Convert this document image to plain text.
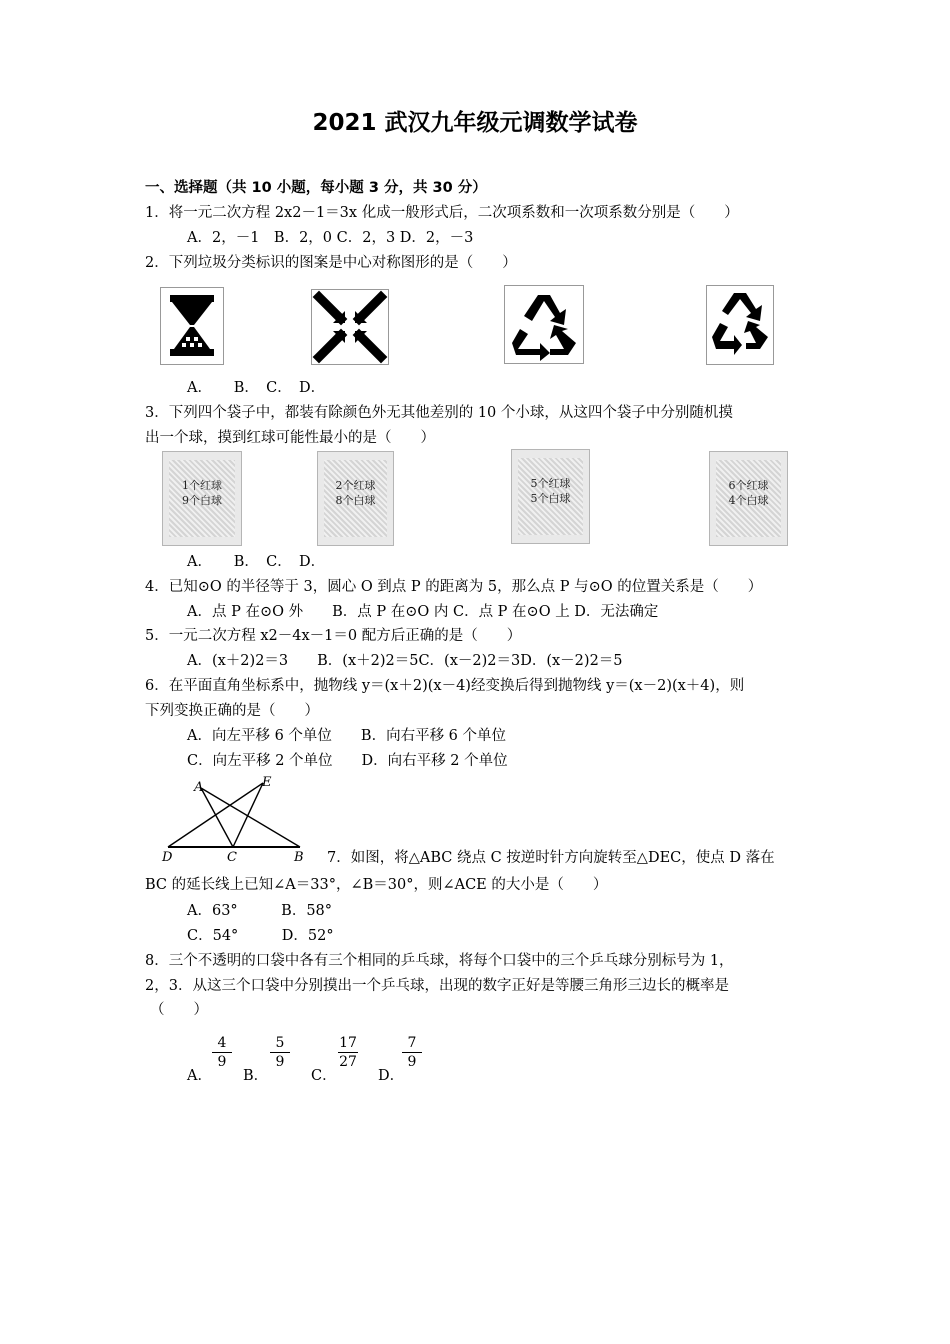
2021 武汉九年级元调数学试卷
一、选择题（共 10 小题，每小题 3 分，共 30 分）
1．将一元二次方程 2x2－1＝3x 化成一般形式后，二次项系数和一次项系数分别是（　　）
A．2，－1　B．2，0 C．2，3 D．2，－3
2．下列垃圾分类标识的图案是中心对称图形的是（　　）
A．　　B．　C．　D．
3．下列四个袋子中，都装有除颜色外无其他差别的 10 个小球，从这四个袋子中分别随机摸
出一个球，摸到红球可能性最小的是（　　）
1个红球
9个白球
2个红球
8个白球
5个红球
5个白球
6个红球
4个白球
A．　　B．　C．　D．
4．已知⊙O 的半径等于 3，圆心 O 到点 P 的距离为 5，那么点 P 与⊙O 的位置关系是（　　）
A．点 P 在⊙O 外　　B．点 P 在⊙O 内 C．点 P 在⊙O 上 D．无法确定
5．一元二次方程 x2－4x－1＝0 配方后正确的是（　　）
A．(x＋2)2＝3　　B．(x＋2)2＝5C．(x－2)2＝3D．(x－2)2＝5
6．在平面直角坐标系中，抛物线 y＝(x＋2)(x－4)经变换后得到抛物线 y＝(x－2)(x＋4)，则
下列变换正确的是（　　）
A．向左平移 6 个单位　　B．向右平移 6 个单位
C．向左平移 2 个单位　　D．向右平移 2 个单位
A	E
D	C	B 7．如图，将△ABC 绕点 C 按逆时针方向旋转至△DEC，使点 D 落在
BC 的延长线上已知∠A＝33°，∠B＝30°，则∠ACE 的大小是（　　）
A．63°　　　B．58°
C．54°　　　D．52°
8．三个不透明的口袋中各有三个相同的乒乓球，将每个口袋中的三个乒乓球分别标号为 1，
2，3．从这三个口袋中分别摸出一个乒乓球，出现的数字正好是等腰三角形三边长的概率是
（　　）
A．
4
9
B．
5
9
C．
17
27
D．
7
9
